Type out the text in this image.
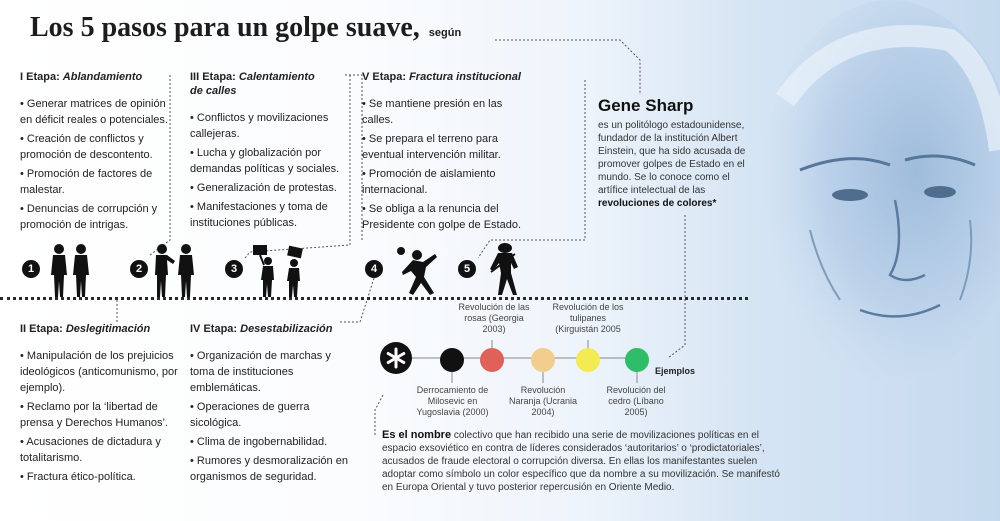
Los 5 pasos para un golpe suave, según
I Etapa: Ablandamiento
• Generar matrices de opinión en déficit reales o potenciales.
• Creación de conflictos y promoción de descontento.
• Promoción de factores de malestar.
• Denuncias de corrupción y promoción de intrigas.
III Etapa: Calentamiento de calles
• Conflictos y movilizaciones callejeras.
• Lucha y globalización por demandas políticas y sociales.
• Generalización de protestas.
• Manifestaciones y toma de instituciones públicas.
V Etapa: Fractura institucional
• Se mantiene presión en las calles.
• Se prepara el terreno para eventual intervención militar.
• Promoción de aislamiento internacional.
• Se obliga a la renuncia del Presidente con golpe de Estado.
II Etapa: Deslegitimación
• Manipulación de los prejuicios ideológicos (anticomunismo, por ejemplo).
• Reclamo por la ‘libertad de prensa y Derechos Humanos’.
• Acusaciones de dictadura y totalitarismo.
• Fractura ético-política.
IV Etapa: Desestabilización
• Organización de marchas y toma de instituciones emblemáticas.
• Operaciones de guerra sicológica.
• Clima de ingobernabilidad.
• Rumores y desmoralización en organismos de seguridad.
1	2	3	4	5
Gene Sharp
es un politólogo estadounidense, fundador de la institución Albert Einstein, que ha sido acusada de promover golpes de Estado en el mundo. Se lo conoce como el artífice intelectual de las revoluciones de colores*
Derrocamiento de Milosevic en Yugoslavia (2000)
Revolución de las rosas (Georgia 2003)
Revolución Naranja (Ucrania 2004)
Revolución de los tulipanes (Kirguistán 2005
Revolución del cedro (Líbano 2005)
Ejemplos
Es el nombre colectivo que han recibido una serie de movilizaciones políticas en el espacio exsoviético en contra de líderes considerados ‘autoritarios’ o ‘prodictatoriales’, acusados de fraude electoral o corrupción diversa. En ellas los manifestantes suelen adoptar como símbolo un color específico que da nombre a su movilización. Se manifestó en Europa Oriental y tuvo posterior repercusión en Oriente Medio.
